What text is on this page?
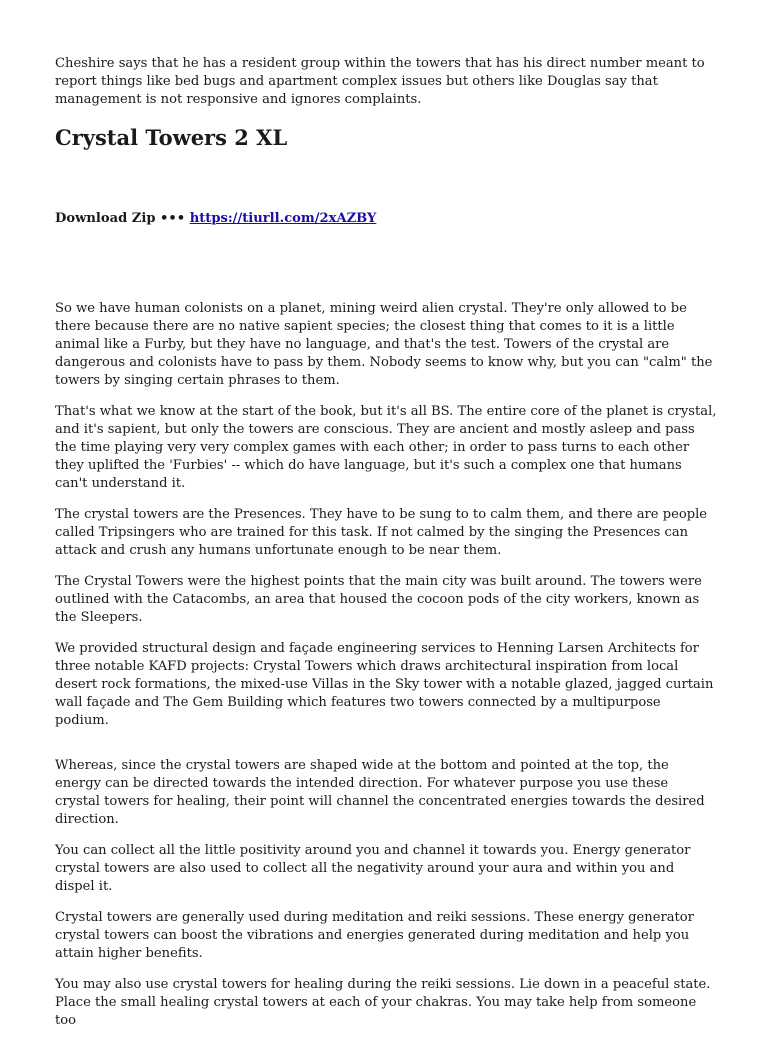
Cheshire says that he has a resident group within the towers that has his direct number meant to report things like bed bugs and apartment complex issues but others like Douglas say that management is not responsive and ignores complaints.

Crystal Towers 2 XL
Download Zip ••• https://tiurll.com/2xAZBY

So we have human colonists on a planet, mining weird alien crystal. They're only allowed to be there because there are no native sapient species; the closest thing that comes to it is a little animal like a Furby, but they have no language, and that's the test. Towers of the crystal are dangerous and colonists have to pass by them. Nobody seems to know why, but you can "calm" the towers by singing certain phrases to them.

That's what we know at the start of the book, but it's all BS. The entire core of the planet is crystal, and it's sapient, but only the towers are conscious. They are ancient and mostly asleep and pass the time playing very very complex games with each other; in order to pass turns to each other they uplifted the 'Furbies' -- which do have language, but it's such a complex one that humans can't understand it.

The crystal towers are the Presences. They have to be sung to to calm them, and there are people called Tripsingers who are trained for this task. If not calmed by the singing the Presences can attack and crush any humans unfortunate enough to be near them.

The Crystal Towers were the highest points that the main city was built around. The towers were outlined with the Catacombs, an area that housed the cocoon pods of the city workers, known as the Sleepers.

We provided structural design and façade engineering services to Henning Larsen Architects for three notable KAFD projects: Crystal Towers which draws architectural inspiration from local desert rock formations, the mixed-use Villas in the Sky tower with a notable glazed, jagged curtain wall façade and The Gem Building which features two towers connected by a multipurpose podium.

Whereas, since the crystal towers are shaped wide at the bottom and pointed at the top, the energy can be directed towards the intended direction. For whatever purpose you use these crystal towers for healing, their point will channel the concentrated energies towards the desired direction.

You can collect all the little positivity around you and channel it towards you. Energy generator crystal towers are also used to collect all the negativity around your aura and within you and dispel it.

Crystal towers are generally used during meditation and reiki sessions. These energy generator crystal towers can boost the vibrations and energies generated during meditation and help you attain higher benefits.

You may also use crystal towers for healing during the reiki sessions. Lie down in a peaceful state. Place the small healing crystal towers at each of your chakras. You may take help from someone too
